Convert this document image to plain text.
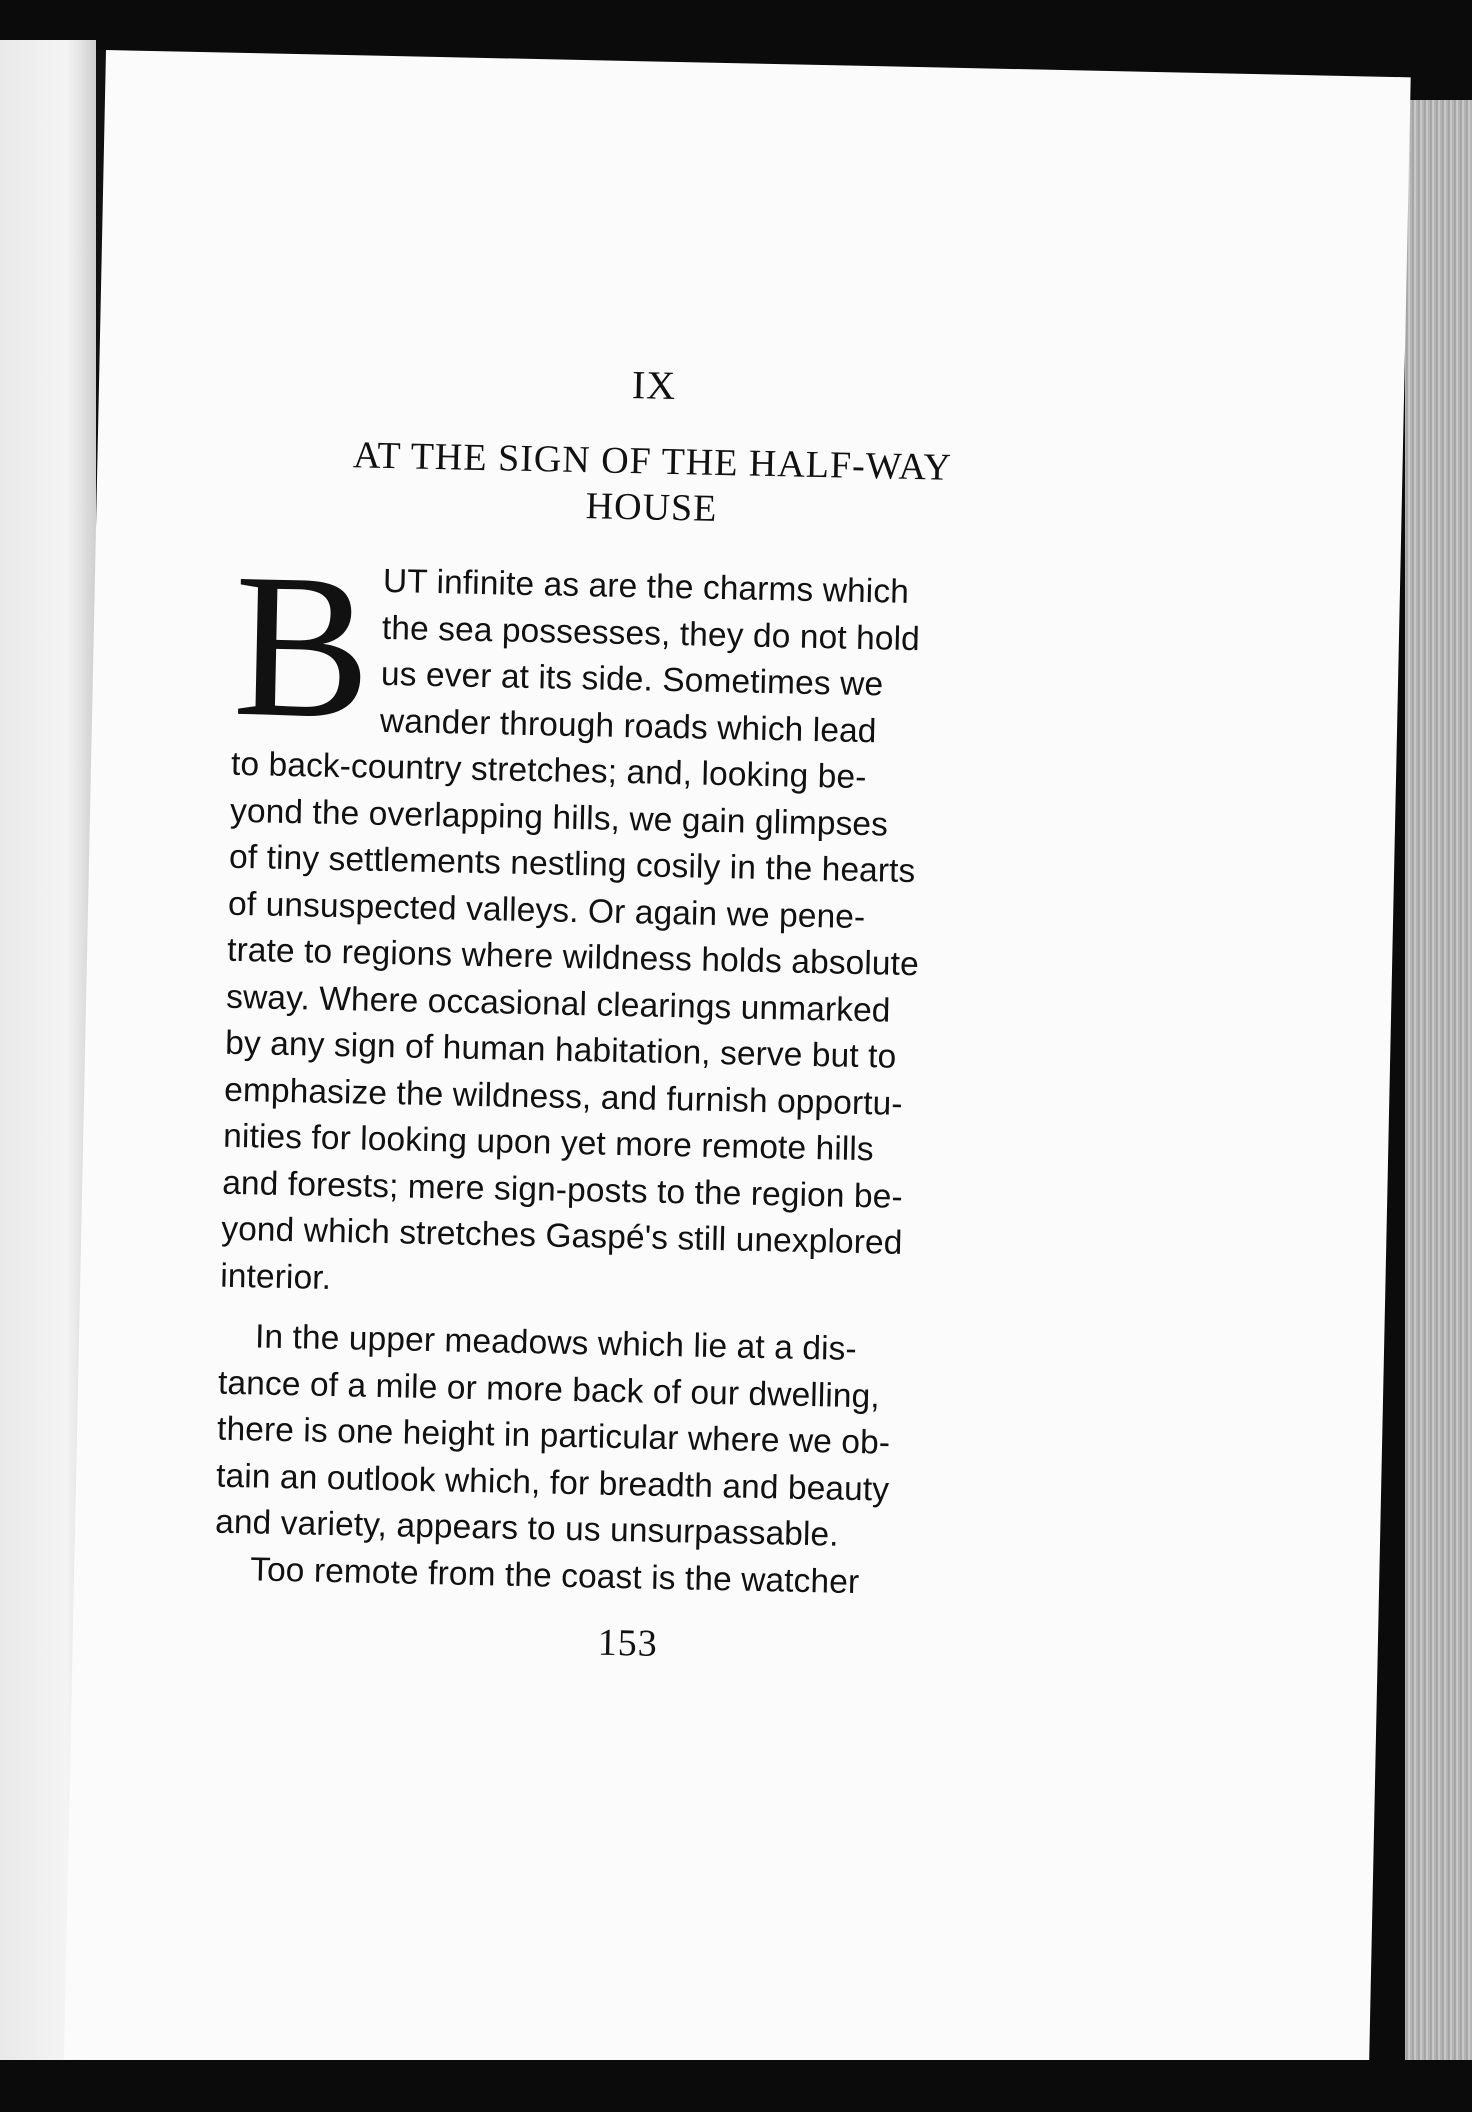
IX
AT THE SIGN OF THE HALF-WAY
HOUSE
B UT infinite as are the charms which
the sea possesses, they do not hold
us ever at its side. Sometimes we
wander through roads which lead
to back-country stretches; and, looking be-
yond the overlapping hills, we gain glimpses
of tiny settlements nestling cosily in the hearts
of unsuspected valleys. Or again we pene-
trate to regions where wildness holds absolute
sway. Where occasional clearings unmarked
by any sign of human habitation, serve but to
emphasize the wildness, and furnish opportu-
nities for looking upon yet more remote hills
and forests; mere sign-posts to the region be-
yond which stretches Gaspé's still unexplored
interior.
In the upper meadows which lie at a dis-
tance of a mile or more back of our dwelling,
there is one height in particular where we ob-
tain an outlook which, for breadth and beauty
and variety, appears to us unsurpassable.
Too remote from the coast is the watcher
153
